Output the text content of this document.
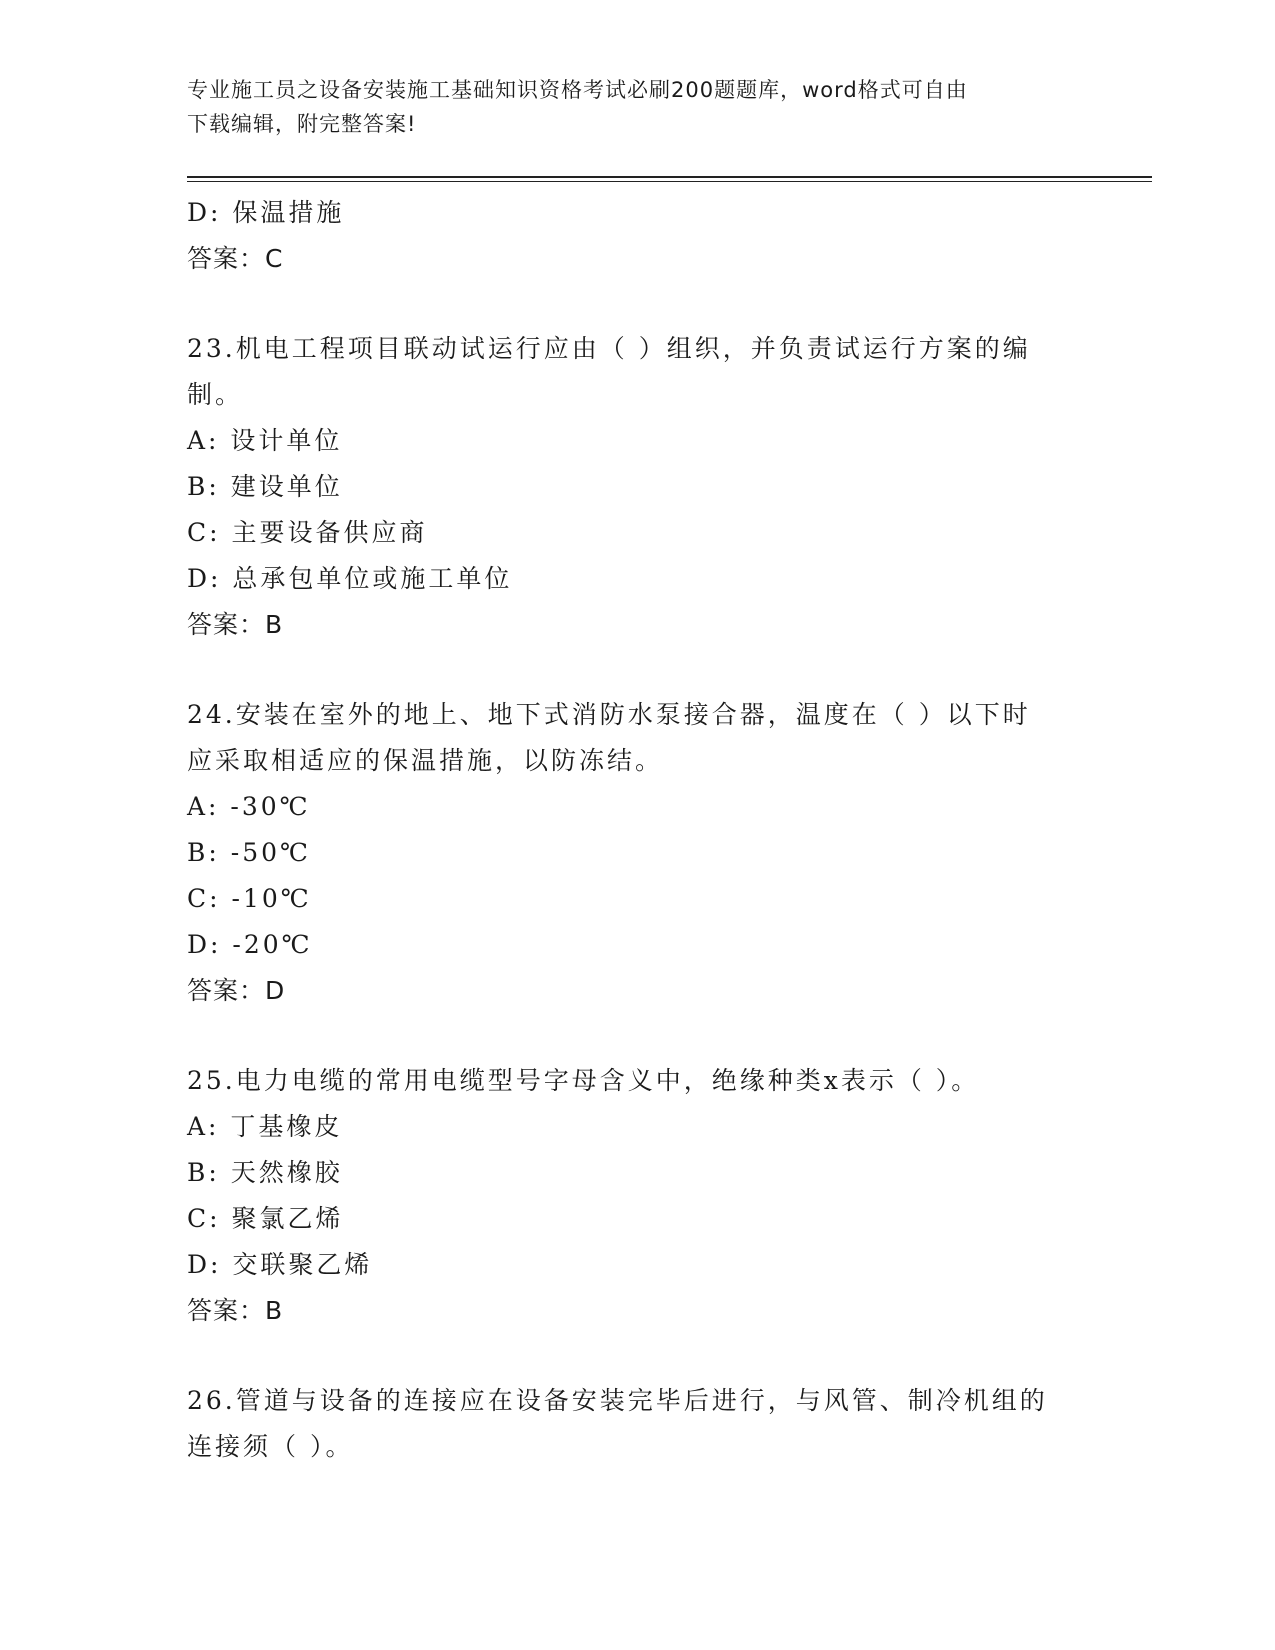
专业施工员之设备安装施工基础知识资格考试必刷200题题库，word格式可自由
下载编辑，附完整答案!
D: 保温措施
答案：C
23.机电工程项目联动试运行应由（ ）组织，并负责试运行方案的编
制。
A: 设计单位
B: 建设单位
C: 主要设备供应商
D: 总承包单位或施工单位
答案：B
24.安装在室外的地上、地下式消防水泵接合器，温度在（ ）以下时
应采取相适应的保温措施，以防冻结。
A: -30℃
B: -50℃
C: -10℃
D: -20℃
答案：D
25.电力电缆的常用电缆型号字母含义中，绝缘种类x表示（ ）。
A: 丁基橡皮
B: 天然橡胶
C: 聚氯乙烯
D: 交联聚乙烯
答案：B
26.管道与设备的连接应在设备安装完毕后进行，与风管、制冷机组的
连接须（ ）。
